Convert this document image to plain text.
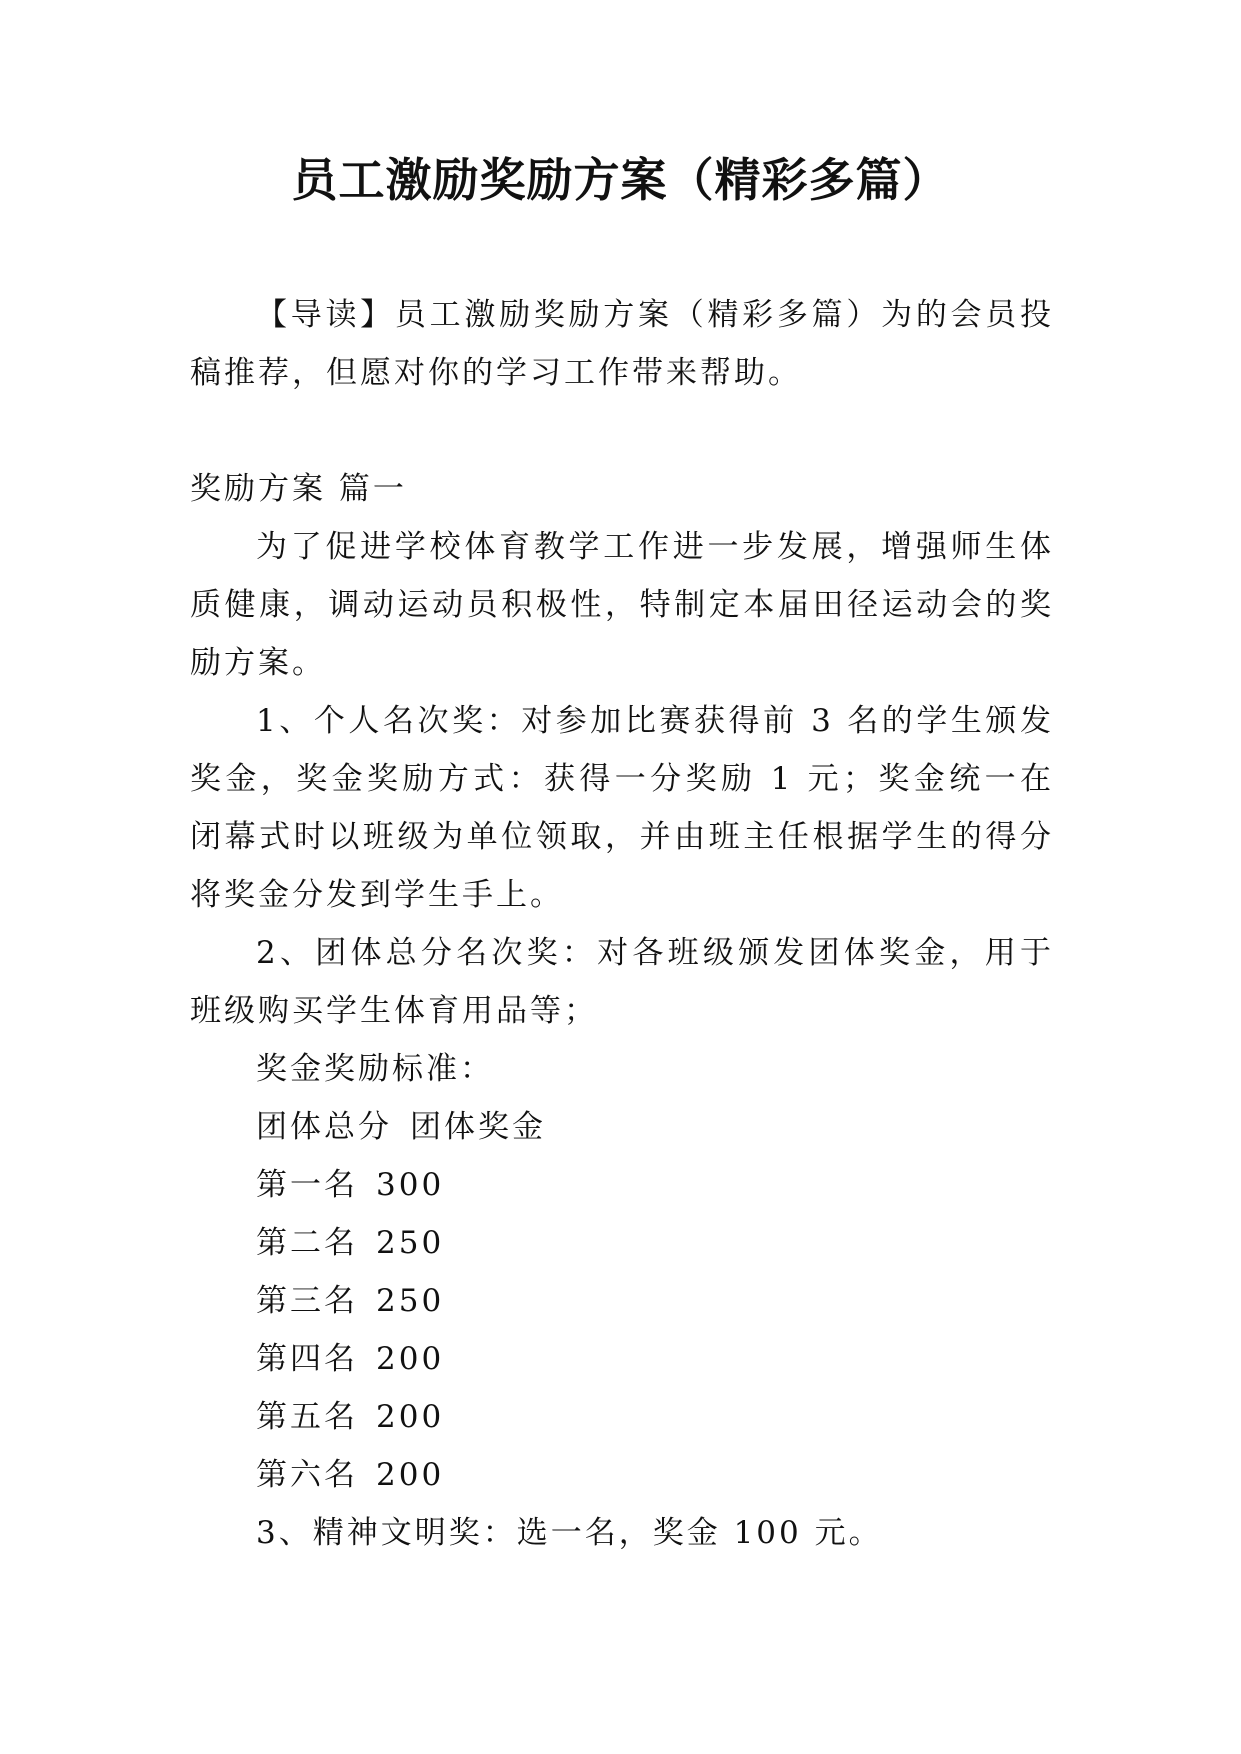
员工激励奖励方案（精彩多篇）

【导读】员工激励奖励方案（精彩多篇）为的会员投稿推荐，但愿对你的学习工作带来帮助。

奖励方案 篇一

为了促进学校体育教学工作进一步发展，增强师生体质健康，调动运动员积极性，特制定本届田径运动会的奖励方案。

1、个人名次奖：对参加比赛获得前 3 名的学生颁发奖金，奖金奖励方式：获得一分奖励 1 元；奖金统一在闭幕式时以班级为单位领取，并由班主任根据学生的得分将奖金分发到学生手上。

2、团体总分名次奖：对各班级颁发团体奖金，用于班级购买学生体育用品等；

奖金奖励标准：

团体总分 团体奖金
第一名 300
第二名 250
第三名 250
第四名 200
第五名 200
第六名 200

3、精神文明奖：选一名，奖金 100 元。
